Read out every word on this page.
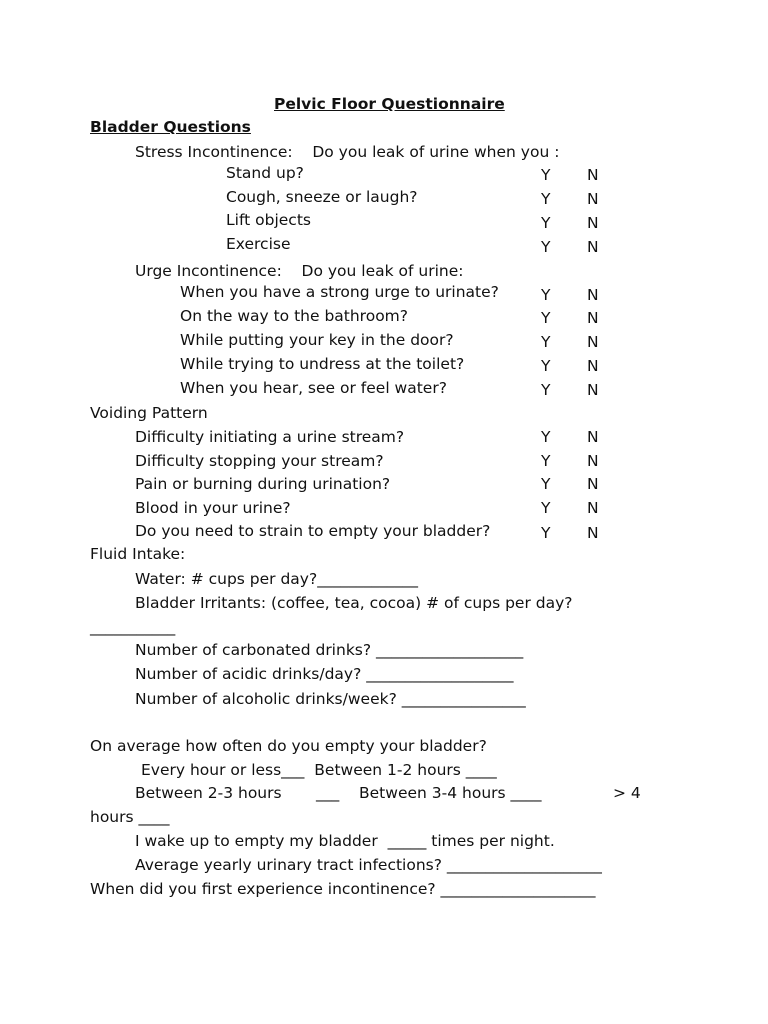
Pelvic Floor Questionnaire
Bladder Questions
Stress Incontinence:    Do you leak of urine when you :
Stand up?	Y N
Cough, sneeze or laugh?	Y N
Lift objects	Y N
Exercise	Y N
Urge Incontinence:    Do you leak of urine:
When you have a strong urge to urinate?	Y N
On the way to the bathroom?	Y N
While putting your key in the door?	Y N
While trying to undress at the toilet?	Y N
When you hear, see or feel water?	Y N
Voiding Pattern
Difficulty initiating a urine stream?	Y N
Difficulty stopping your stream?	Y N
Pain or burning during urination?	Y N
Blood in your urine?	Y N
Do you need to strain to empty your bladder?	Y N
Fluid Intake:
Water: # cups per day?_____________
Bladder Irritants: (coffee, tea, cocoa) # of cups per day?
___________
Number of carbonated drinks? ___________________
Number of acidic drinks/day? ___________________
Number of alcoholic drinks/week? ________________
On average how often do you empty your bladder?
Every hour or less___  Between 1-2 hours ____
Between 2-3 hours       ___    Between 3-4 hours ____	> 4
hours ____
I wake up to empty my bladder  _____ times per night.
Average yearly urinary tract infections? ____________________
When did you first experience incontinence? ____________________
